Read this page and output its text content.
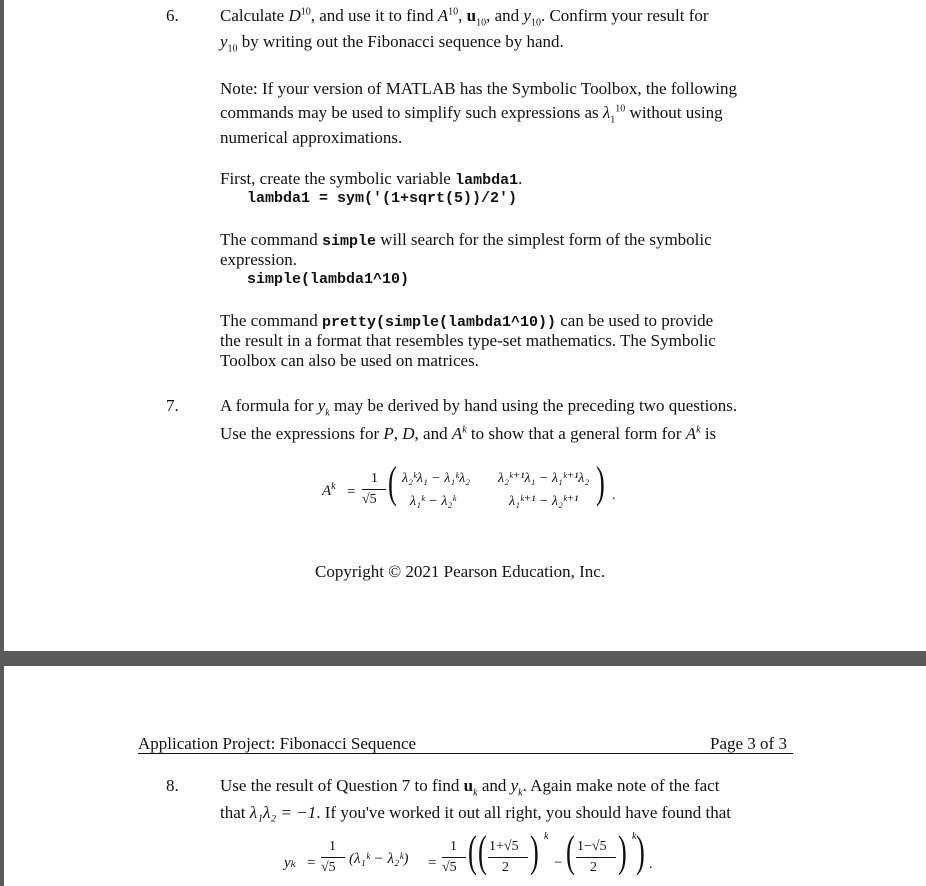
6. Calculate $D^{10}$, and use it to find $A^{10}$, $u_{10}$, and $y_{10}$. Confirm your result for
$y_{10}$ by writing out the Fibonacci sequence by hand.
Note: If your version of MATLAB has the Symbolic Toolbox, the following
commands may be used to simplify such expressions as $\lambda_1^{10}$ without using
numerical approximations.
First, create the symbolic variable lambda1.
lambda1 = sym('(1+sqrt(5))/2')
The command simple will search for the simplest form of the symbolic
expression.
simple(lambda1^10)
The command pretty(simple(lambda1^10)) can be used to provide
the result in a format that resembles type-set mathematics. The Symbolic
Toolbox can also be used on matrices.
7. A formula for $y_k$ may be derived by hand using the preceding two questions.
Use the expressions for P, D, and $A^k$ to show that a general form for $A^k$ is
$A^k$ =
1
√5 ( λ₂ᵏλ₁ − λ₁ᵏλ₂ λ₂ᵏ⁺¹λ₁ − λ₁ᵏ⁺¹λ₂
λ₁ᵏ − λ₂ᵏ	λ₁ᵏ⁺¹ − λ₂ᵏ⁺¹ ) .
Copyright © 2021 Pearson Education, Inc.
Application Project: Fibonacci Sequence	Page 3 of 3
8. Use the result of Question 7 to find $u_k$ and $y_k$. Again make note of the fact
that λ₁λ₂ = −1. If you've worked it out all right, you should have found that
yₖ =
1
√5
(λ₁ᵏ − λ₂ᵏ) =
1
√5 ( ( 1+√5
2 ) k
− ( 1−√5
2 ) k ) .
